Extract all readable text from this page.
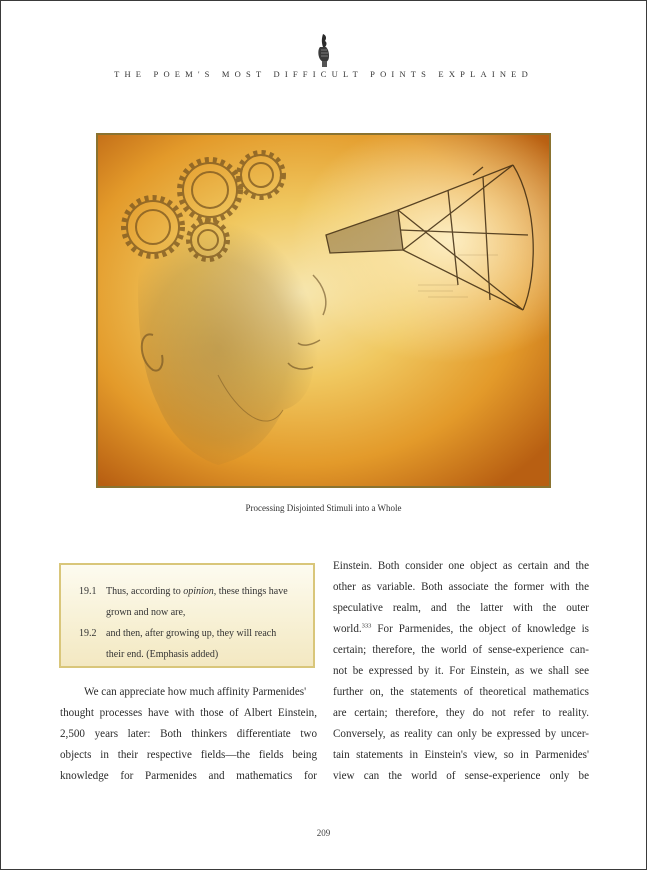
THE POEM'S MOST DIFFICULT POINTS EXPLAINED
Processing Disjointed Stimuli into a Whole
19.1 Thus, according to opinion, these things have
grown and now are,
19.2 and then, after growing up, they will reach
their end. (Emphasis added)
We can appreciate how much affinity Parmenides'
thought processes have with those of Albert Einstein,
2,500 years later: Both thinkers differentiate two
objects in their respective fields—the fields being
knowledge for Parmenides and mathematics for
Einstein. Both consider one object as certain and the
other as variable. Both associate the former with the
speculative realm, and the latter with the outer
world.$^{333}$ For Parmenides, the object of knowledge is
certain; therefore, the world of sense-experience can-
not be expressed by it. For Einstein, as we shall see
further on, the statements of theoretical mathematics
are certain; therefore, they do not refer to reality.
Conversely, as reality can only be expressed by uncer-
tain statements in Einstein's view, so in Parmenides'
view can the world of sense-experience only be
209
